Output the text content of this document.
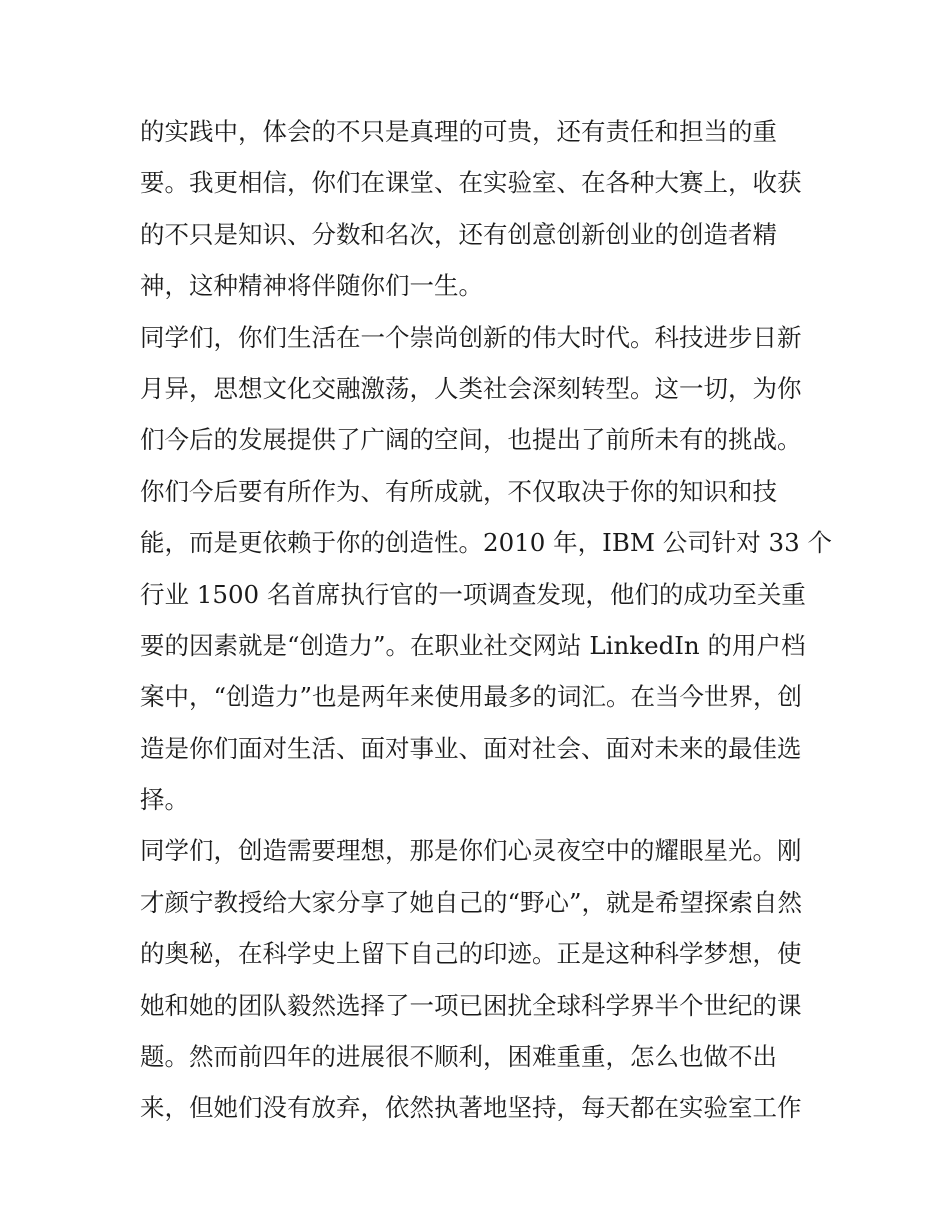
的实践中，体会的不只是真理的可贵，还有责任和担当的重
要。我更相信，你们在课堂、在实验室、在各种大赛上，收获
的不只是知识、分数和名次，还有创意创新创业的创造者精
神，这种精神将伴随你们一生。
同学们，你们生活在一个崇尚创新的伟大时代。科技进步日新
月异，思想文化交融激荡，人类社会深刻转型。这一切，为你
们今后的发展提供了广阔的空间，也提出了前所未有的挑战。
你们今后要有所作为、有所成就，不仅取决于你的知识和技
能，而是更依赖于你的创造性。2010 年，IBM 公司针对 33 个
行业 1500 名首席执行官的一项调查发现，他们的成功至关重
要的因素就是“创造力”。在职业社交网站 LinkedIn 的用户档
案中，“创造力”也是两年来使用最多的词汇。在当今世界，创
造是你们面对生活、面对事业、面对社会、面对未来的最佳选
择。
同学们，创造需要理想，那是你们心灵夜空中的耀眼星光。刚
才颜宁教授给大家分享了她自己的“野心”，就是希望探索自然
的奥秘，在科学史上留下自己的印迹。正是这种科学梦想，使
她和她的团队毅然选择了一项已困扰全球科学界半个世纪的课
题。然而前四年的进展很不顺利，困难重重，怎么也做不出
来，但她们没有放弃，依然执著地坚持，每天都在实验室工作
